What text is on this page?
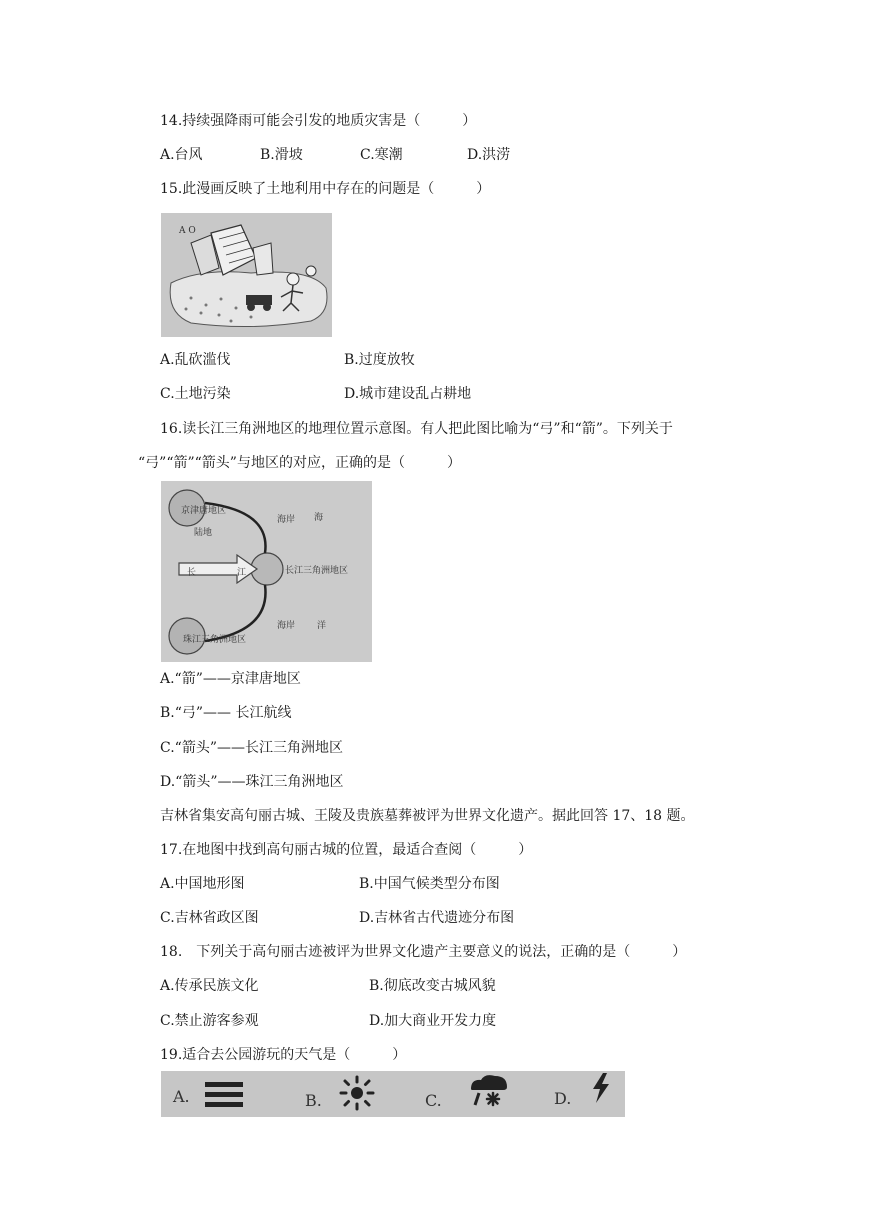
14.持续强降雨可能会引发的地质灾害是（　　　）
A.台风	B.滑坡	C.寒潮	D.洪涝
15.此漫画反映了土地利用中存在的问题是（　　　）
A O
A.乱砍滥伐	B.过度放牧
C.土地污染	D.城市建设乱占耕地
16.读长江三角洲地区的地理位置示意图。有人把此图比喻为“弓”和“箭”。下列关于
“弓”“箭”“箭头”与地区的对应，正确的是（　　　）
京津唐地区
陆地
海岸 海
长	江	长江三角洲地区
海岸 洋
珠江三角洲地区
A.“箭”——京津唐地区
B.“弓”—— 长江航线
C.“箭头”——长江三角洲地区
D.“箭头”——珠江三角洲地区
吉林省集安高句丽古城、王陵及贵族墓葬被评为世界文化遗产。据此回答 17、18 题。
17.在地图中找到高句丽古城的位置，最适合查阅（　　　）
A.中国地形图	B.中国气候类型分布图
C.吉林省政区图	D.吉林省古代遗迹分布图
18.　下列关于高句丽古迹被评为世界文化遗产主要意义的说法，正确的是（　　　）
A.传承民族文化	B.彻底改变古城风貌
C.禁止游客参观	D.加大商业开发力度
19.适合去公园游玩的天气是（　　　）
A.	B.	C.	D.
